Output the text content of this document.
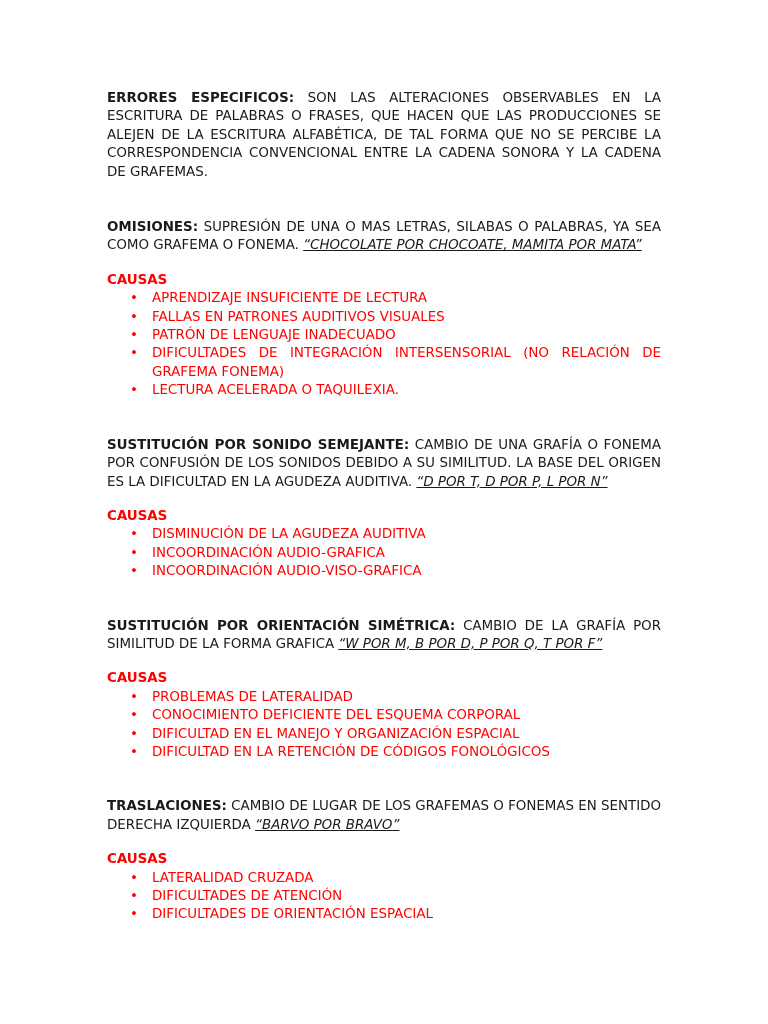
ERRORES ESPECIFICOS: SON LAS ALTERACIONES OBSERVABLES EN LA ESCRITURA DE PALABRAS O FRASES, QUE HACEN QUE LAS PRODUCCIONES SE ALEJEN DE LA ESCRITURA ALFABÉTICA, DE TAL FORMA QUE NO SE PERCIBE LA CORRESPONDENCIA CONVENCIONAL ENTRE LA CADENA SONORA Y LA CADENA DE GRAFEMAS.

OMISIONES: SUPRESIÓN DE UNA O MAS LETRAS, SILABAS O PALABRAS, YA SEA COMO GRAFEMA O FONEMA. “CHOCOLATE POR CHOCOATE, MAMITA POR MATA”

CAUSAS

• APRENDIZAJE INSUFICIENTE DE LECTURA
• FALLAS EN PATRONES AUDITIVOS VISUALES
• PATRÓN DE LENGUAJE INADECUADO
• DIFICULTADES DE INTEGRACIÓN INTERSENSORIAL (NO RELACIÓN DE GRAFEMA FONEMA)
• LECTURA ACELERADA O TAQUILEXIA.

SUSTITUCIÓN POR SONIDO SEMEJANTE: CAMBIO DE UNA GRAFÍA O FONEMA POR CONFUSIÓN DE LOS SONIDOS DEBIDO A SU SIMILITUD. LA BASE DEL ORIGEN ES LA DIFICULTAD EN LA AGUDEZA AUDITIVA. “D POR T, D POR P, L POR N”

CAUSAS

• DISMINUCIÓN DE LA AGUDEZA AUDITIVA
• INCOORDINACIÓN AUDIO-GRAFICA
• INCOORDINACIÓN AUDIO-VISO-GRAFICA

SUSTITUCIÓN POR ORIENTACIÓN SIMÉTRICA: CAMBIO DE LA GRAFÍA POR SIMILITUD DE LA FORMA GRAFICA “W POR M, B POR D, P POR Q, T POR F”

CAUSAS

• PROBLEMAS DE LATERALIDAD
• CONOCIMIENTO DEFICIENTE DEL ESQUEMA CORPORAL
• DIFICULTAD EN EL MANEJO Y ORGANIZACIÓN ESPACIAL
• DIFICULTAD EN LA RETENCIÓN DE CÓDIGOS FONOLÓGICOS

TRASLACIONES: CAMBIO DE LUGAR DE LOS GRAFEMAS O FONEMAS EN SENTIDO DERECHA IZQUIERDA “BARVO POR BRAVO”

CAUSAS

• LATERALIDAD CRUZADA
• DIFICULTADES DE ATENCIÓN
• DIFICULTADES DE ORIENTACIÓN ESPACIAL
